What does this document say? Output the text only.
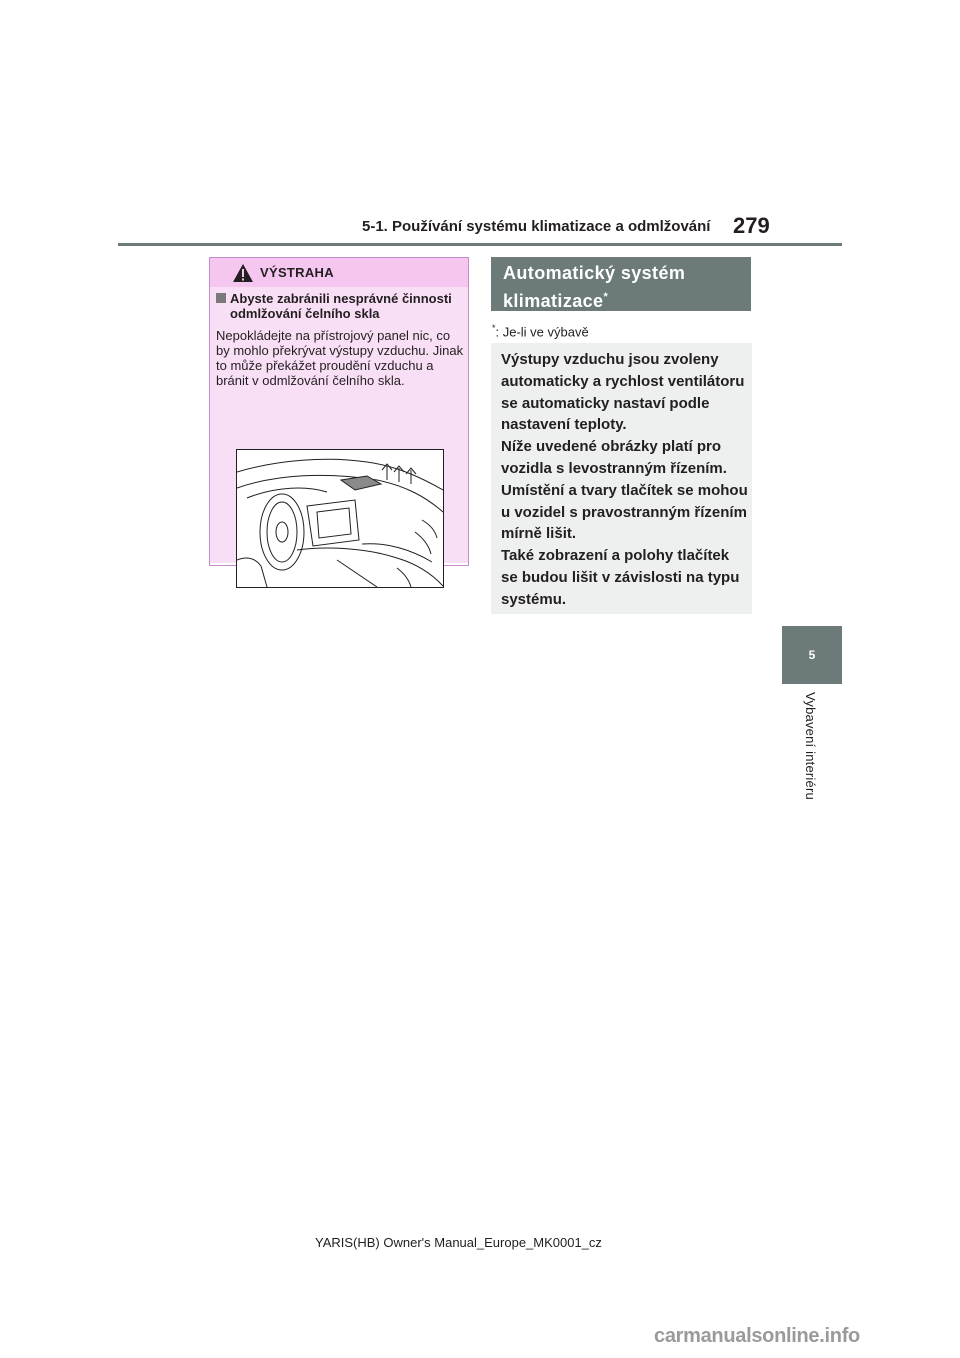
5-1. Používání systému klimatizace a odmlžování 279
5
Vybavení interiéru
VÝSTRAHA
Abyste zabránili nesprávné činnosti odmlžování čelního skla
Nepokládejte na přístrojový panel nic, co by mohlo překrývat výstupy vzduchu. Jinak to může překážet proudění vzduchu a bránit v odmlžování čelního skla.
*: Je-li ve výbavě
Automatický systém klimatizace*
Výstupy vzduchu jsou zvoleny automaticky a rychlost ventilátoru se automaticky nastaví podle nastavení teploty.
Níže uvedené obrázky platí pro vozidla s levostranným řízením. Umístění a tvary tlačítek se mohou u vozidel s pravostranným řízením mírně lišit.
Také zobrazení a polohy tlačítek se budou lišit v závislosti na typu systému.
YARIS(HB) Owner's Manual_Europe_MK0001_cz
carmanualsonline.info
